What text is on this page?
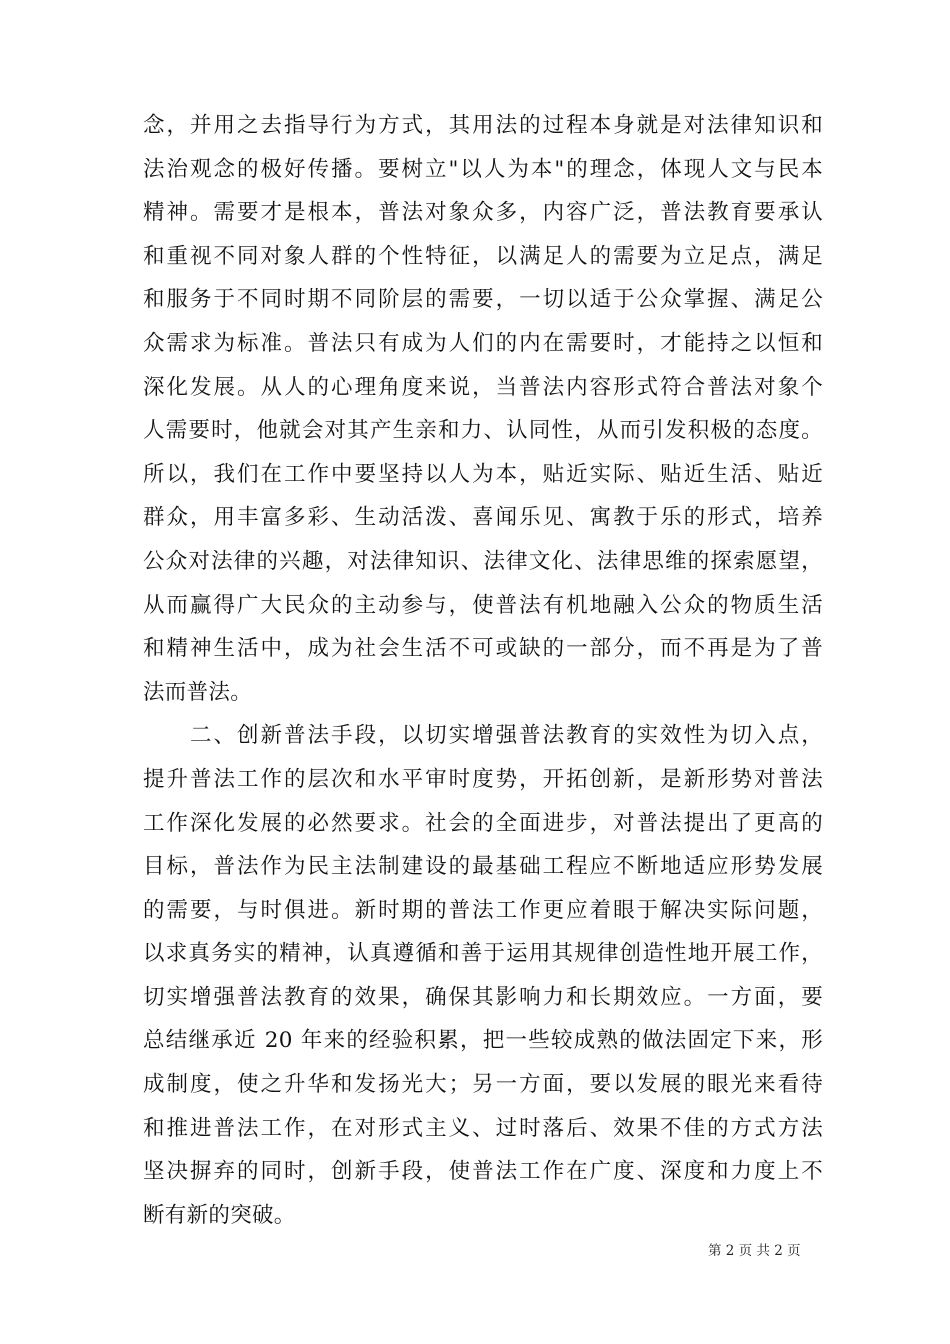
念，并用之去指导行为方式，其用法的过程本身就是对法律知识和
法治观念的极好传播。要树立"以人为本"的理念，体现人文与民本
精神。需要才是根本，普法对象众多，内容广泛，普法教育要承认
和重视不同对象人群的个性特征，以满足人的需要为立足点，满足
和服务于不同时期不同阶层的需要，一切以适于公众掌握、满足公
众需求为标准。普法只有成为人们的内在需要时，才能持之以恒和
深化发展。从人的心理角度来说，当普法内容形式符合普法对象个
人需要时，他就会对其产生亲和力、认同性，从而引发积极的态度。
所以，我们在工作中要坚持以人为本，贴近实际、贴近生活、贴近
群众，用丰富多彩、生动活泼、喜闻乐见、寓教于乐的形式，培养
公众对法律的兴趣，对法律知识、法律文化、法律思维的探索愿望，
从而赢得广大民众的主动参与，使普法有机地融入公众的物质生活
和精神生活中，成为社会生活不可或缺的一部分，而不再是为了普
法而普法。
　　二、创新普法手段，以切实增强普法教育的实效性为切入点，
提升普法工作的层次和水平审时度势，开拓创新，是新形势对普法
工作深化发展的必然要求。社会的全面进步，对普法提出了更高的
目标，普法作为民主法制建设的最基础工程应不断地适应形势发展
的需要，与时俱进。新时期的普法工作更应着眼于解决实际问题，
以求真务实的精神，认真遵循和善于运用其规律创造性地开展工作，
切实增强普法教育的效果，确保其影响力和长期效应。一方面，要
总结继承近 20 年来的经验积累，把一些较成熟的做法固定下来，形
成制度，使之升华和发扬光大；另一方面，要以发展的眼光来看待
和推进普法工作，在对形式主义、过时落后、效果不佳的方式方法
坚决摒弃的同时，创新手段，使普法工作在广度、深度和力度上不
断有新的突破。
第 2 页 共 2 页
